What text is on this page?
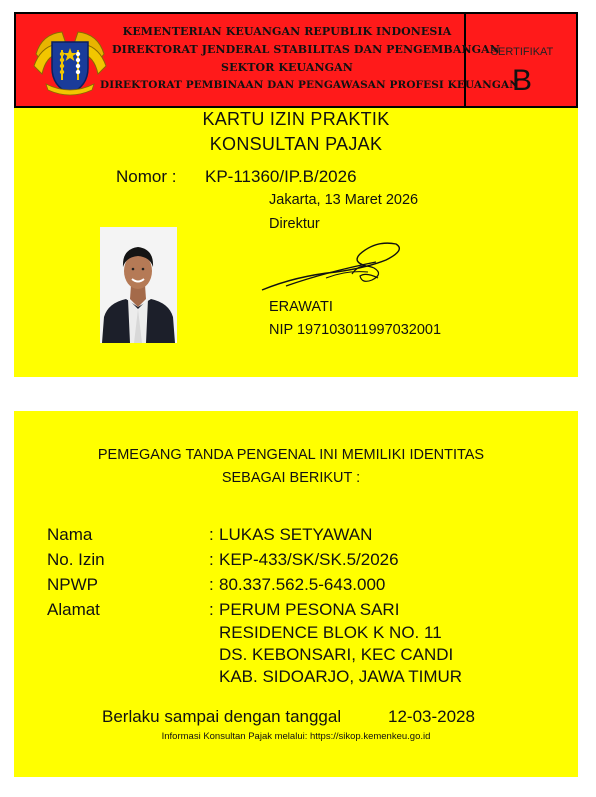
KEMENTERIAN KEUANGAN REPUBLIK INDONESIA
DIREKTORAT JENDERAL STABILITAS DAN PENGEMBANGAN
SEKTOR KEUANGAN
DIREKTORAT PEMBINAAN DAN PENGAWASAN PROFESI KEUANGAN
SERTIFIKAT
B
KARTU IZIN PRAKTIK
KONSULTAN PAJAK
Nomor : KP-11360/IP.B/2026
Jakarta, 13 Maret 2026
Direktur
ERAWATI
NIP 197103011997032001
PEMEGANG TANDA PENGENAL INI MEMILIKI IDENTITAS
SEBAGAI BERIKUT :
Nama	: LUKAS SETYAWAN
No. Izin	: KEP-433/SK/SK.5/2026
NPWP	: 80.337.562.5-643.000
Alamat	: PERUM PESONA SARI
RESIDENCE BLOK K NO. 11
DS. KEBONSARI, KEC CANDI
KAB. SIDOARJO, JAWA TIMUR
Berlaku sampai dengan tanggal	12-03-2028
Informasi Konsultan Pajak melalui: https://sikop.kemenkeu.go.id
